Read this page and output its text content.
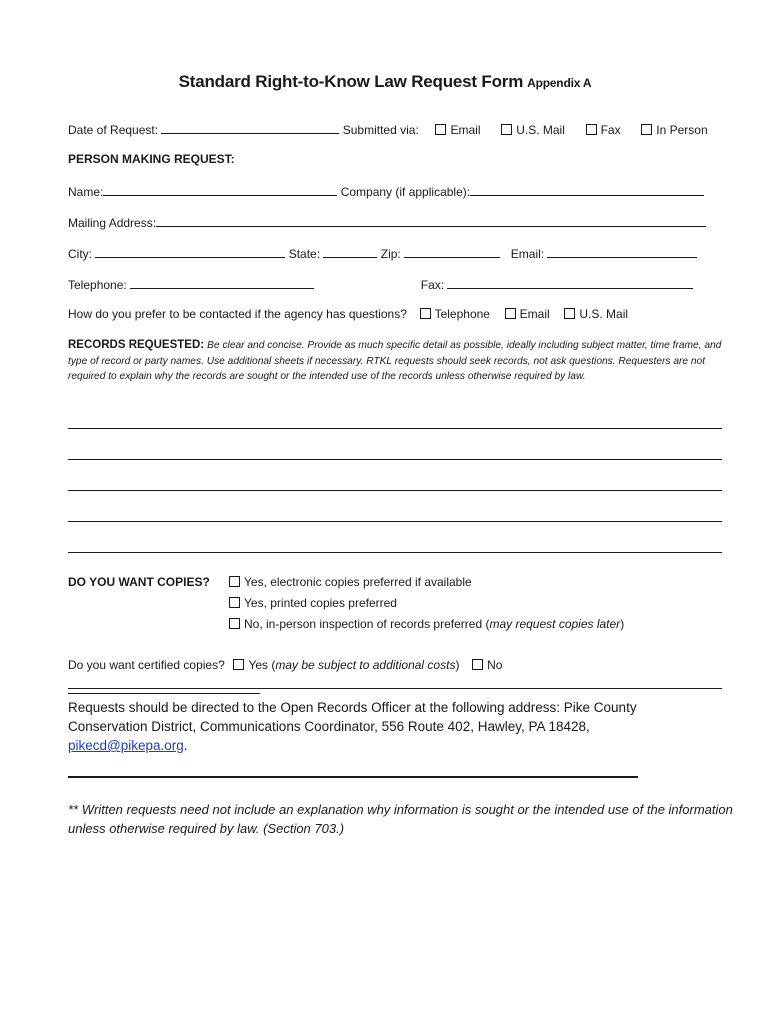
Standard Right-to-Know Law Request Form Appendix A
Date of Request:	Submitted via:	Email	U.S. Mail	Fax	In Person
PERSON MAKING REQUEST:
Name:	Company (if applicable):
Mailing Address:
City:	State:	Zip:	Email:
Telephone:	Fax:
How do you prefer to be contacted if the agency has questions? Telephone Email U.S. Mail
RECORDS REQUESTED: Be clear and concise. Provide as much specific detail as possible, ideally including subject matter, time frame, and type of record or party names. Use additional sheets if necessary. RTKL requests should seek records, not ask questions. Requesters are not required to explain why the records are sought or the intended use of the records unless otherwise required by law.
DO YOU WANT COPIES?	Yes, electronic copies preferred if available
Yes, printed copies preferred
No, in-person inspection of records preferred (may request copies later)
Do you want certified copies? Yes (may be subject to additional costs) No
Requests should be directed to the Open Records Officer at the following address: Pike County Conservation District, Communications Coordinator, 556 Route 402, Hawley, PA 18428,
pikecd@pikepa.org.
** Written requests need not include an explanation why information is sought or the intended use of the information unless otherwise required by law. (Section 703.)
